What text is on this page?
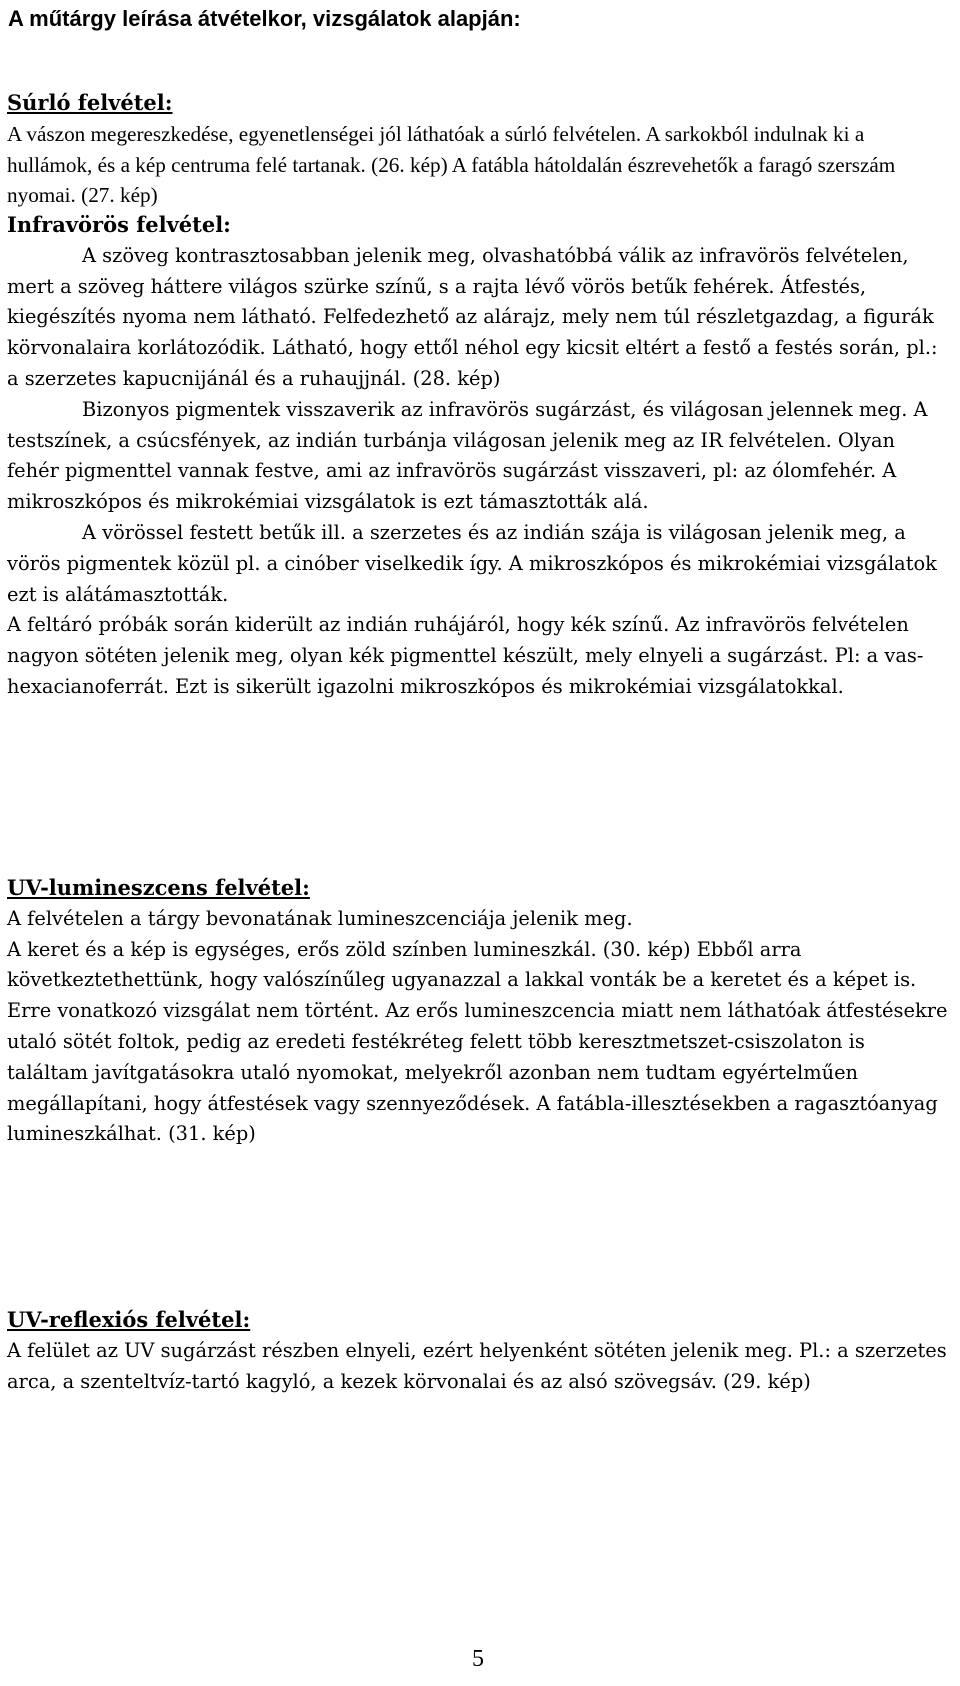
A műtárgy leírása átvételkor, vizsgálatok alapján:
Súrló felvétel:

A vászon megereszkedése, egyenetlenségei jól láthatóak a súrló felvételen. A sarkokból indulnak ki a hullámok, és a kép centruma felé tartanak. (26. kép) A fatábla hátoldalán észrevehetők a faragó szerszám nyomai. (27. kép)

Infravörös felvétel:

A szöveg kontrasztosabban jelenik meg, olvashatóbbá válik az infravörös felvételen, mert a szöveg háttere világos szürke színű, s a rajta lévő vörös betűk fehérek. Átfestés, kiegészítés nyoma nem látható. Felfedezhető az alárajz, mely nem túl részletgazdag, a figurák körvonalaira korlátozódik. Látható, hogy ettől néhol egy kicsit eltért a festő a festés során, pl.: a szerzetes kapucnijánál és a ruhaujjnál. (28. kép)

Bizonyos pigmentek visszaverik az infravörös sugárzást, és világosan jelennek meg. A testszínek, a csúcsfények, az indián turbánja világosan jelenik meg az IR felvételen. Olyan fehér pigmenttel vannak festve, ami az infravörös sugárzást visszaveri, pl: az ólomfehér. A mikroszkópos és mikrokémiai vizsgálatok is ezt támasztották alá.

A vörössel festett betűk ill. a szerzetes és az indián szája is világosan jelenik meg, a vörös pigmentek közül pl. a cinóber viselkedik így. A mikroszkópos és mikrokémiai vizsgálatok ezt is alátámasztották.

A feltáró próbák során kiderült az indián ruhájáról, hogy kék színű. Az infravörös felvételen nagyon sötéten jelenik meg, olyan kék pigmenttel készült, mely elnyeli a sugárzást. Pl: a vas-hexacianoferrát. Ezt is sikerült igazolni mikroszkópos és mikrokémiai vizsgálatokkal.

UV-lumineszcens felvétel:

A felvételen a tárgy bevonatának lumineszcenciája jelenik meg.

A keret és a kép is egységes, erős zöld színben lumineszkál. (30. kép) Ebből arra következtethettünk, hogy valószínűleg ugyanazzal a lakkal vonták be a keretet és a képet is. Erre vonatkozó vizsgálat nem történt. Az erős lumineszcencia miatt nem láthatóak átfestésekre utaló sötét foltok, pedig az eredeti festékréteg felett több keresztmetszet-csiszolaton is találtam javítgatásokra utaló nyomokat, melyekről azonban nem tudtam egyértelműen megállapítani, hogy átfestések vagy szennyeződések. A fatábla-illesztésekben a ragasztóanyag lumineszkálhat. (31. kép)

UV-reflexiós felvétel:

A felület az UV sugárzást részben elnyeli, ezért helyenként sötéten jelenik meg. Pl.: a szerzetes arca, a szenteltvíz-tartó kagyló, a kezek körvonalai és az alsó szövegsáv. (29. kép)

5
